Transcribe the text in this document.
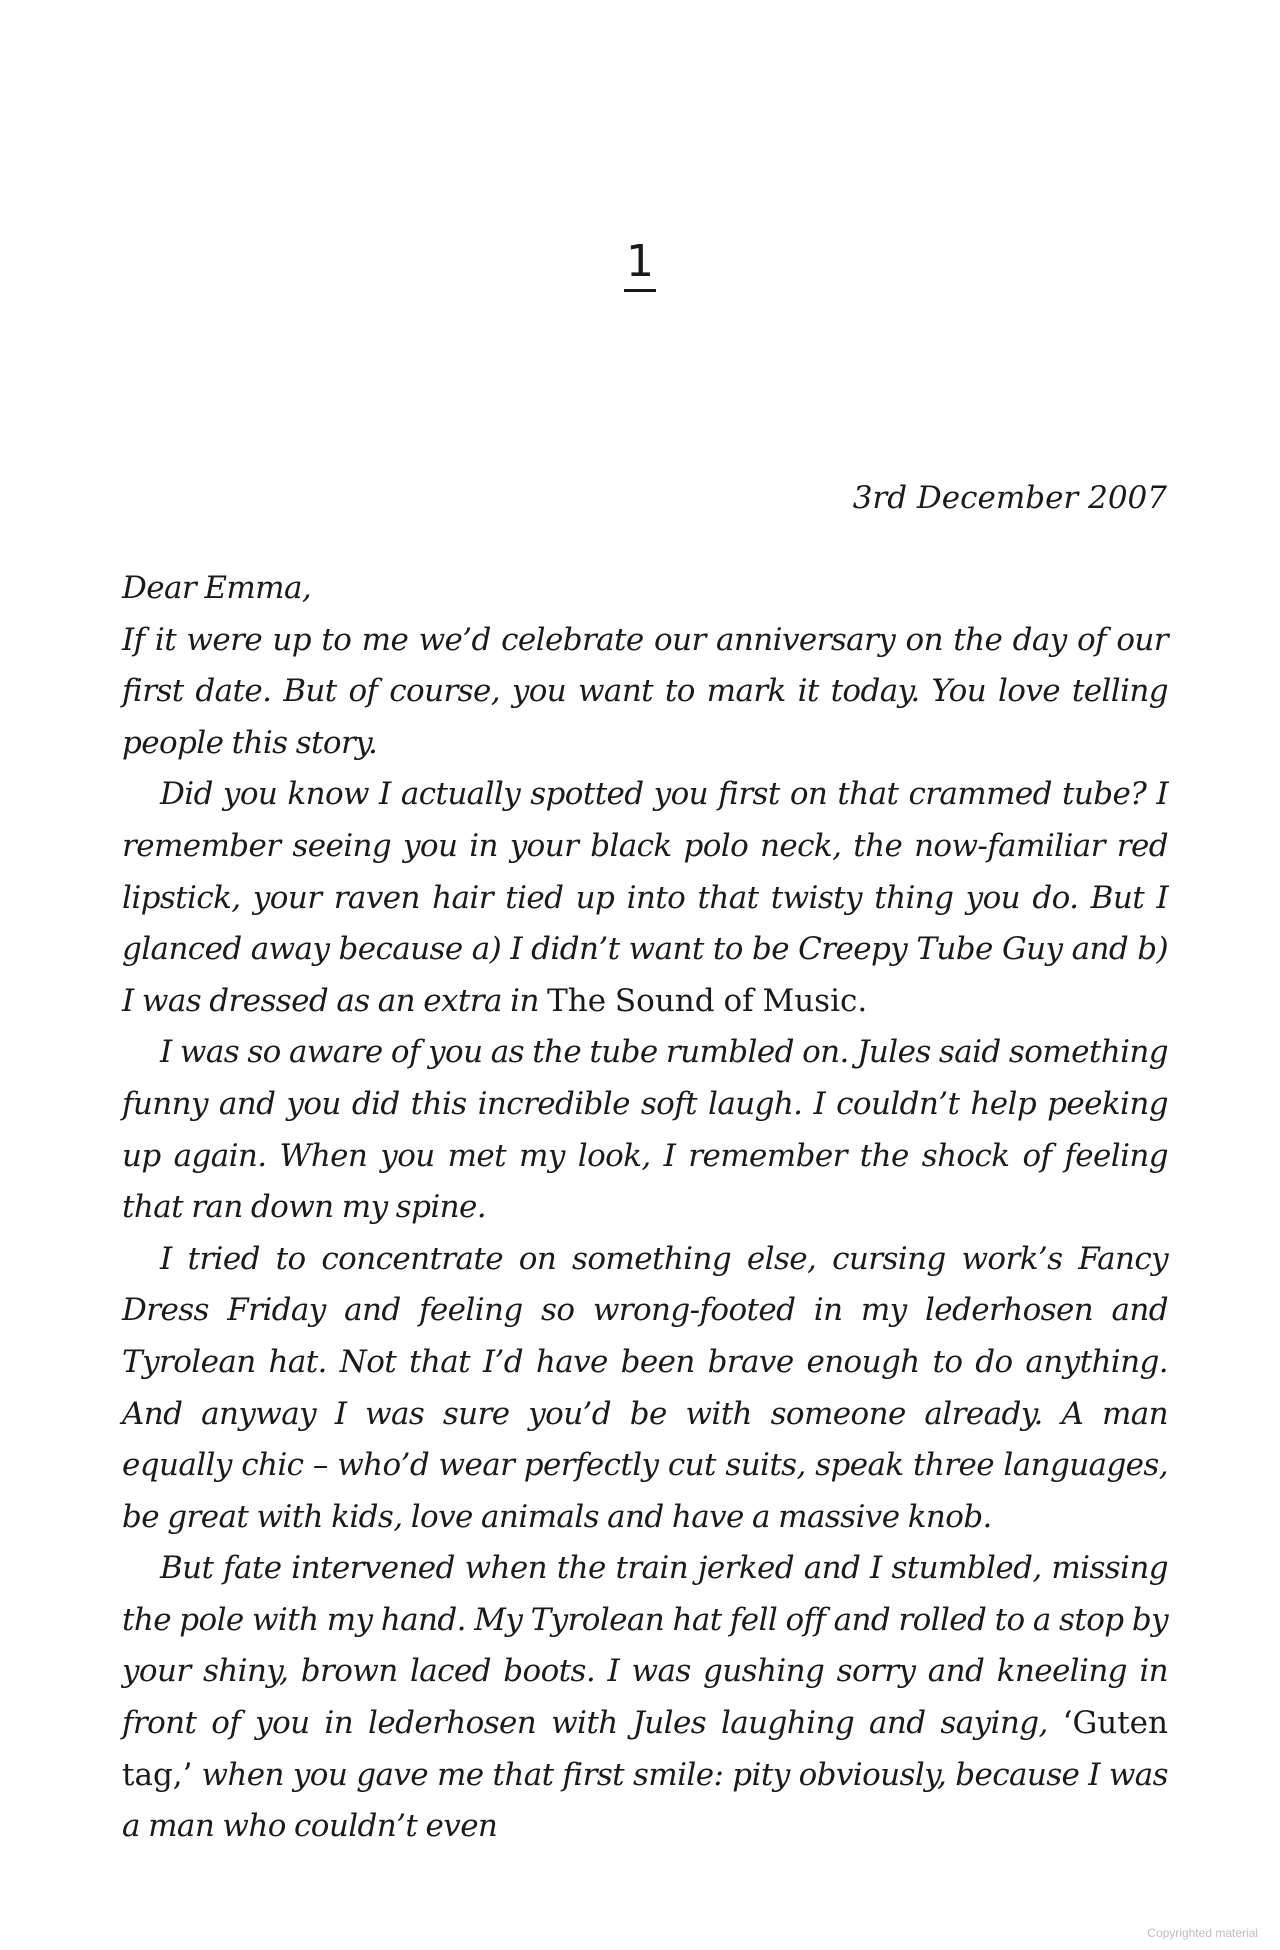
1
3rd December 2007

Dear Emma,

If it were up to me we’d celebrate our anniversary on the day of our first date. But of course, you want to mark it today. You love telling people this story.

Did you know I actually spotted you first on that crammed tube? I remember seeing you in your black polo neck, the now-familiar red lipstick, your raven hair tied up into that twisty thing you do. But I glanced away because a) I didn’t want to be Creepy Tube Guy and b) I was dressed as an extra in The Sound of Music.

I was so aware of you as the tube rumbled on. Jules said something funny and you did this incredible soft laugh. I couldn’t help peeking up again. When you met my look, I remember the shock of feeling that ran down my spine.

I tried to concentrate on something else, cursing work’s Fancy Dress Friday and feeling so wrong-footed in my lederhosen and Tyrolean hat. Not that I’d have been brave enough to do anything. And anyway I was sure you’d be with someone already. A man equally chic – who’d wear perfectly cut suits, speak three languages, be great with kids, love animals and have a massive knob.

But fate intervened when the train jerked and I stumbled, missing the pole with my hand. My Tyrolean hat fell off and rolled to a stop by your shiny, brown laced boots. I was gushing sorry and kneeling in front of you in lederhosen with Jules laughing and saying, ‘Guten tag,’ when you gave me that first smile: pity obviously, because I was a man who couldn’t even

Copyrighted material
